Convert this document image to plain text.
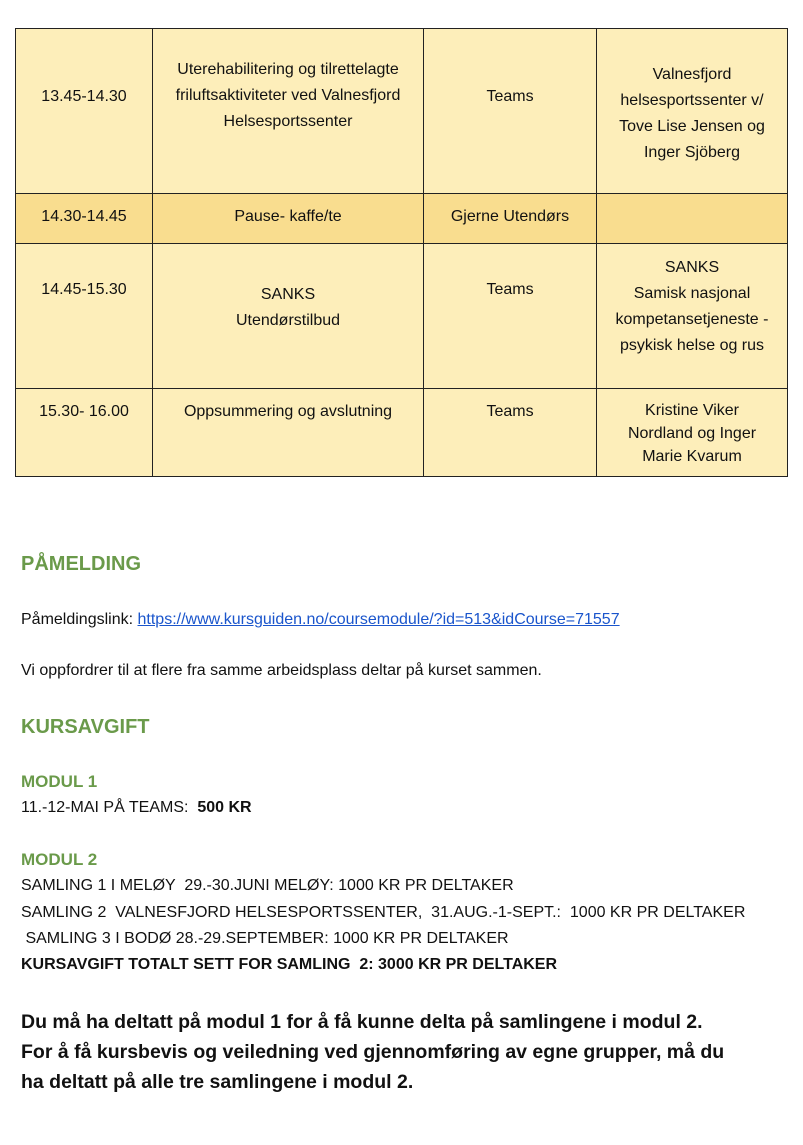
13.45-14.30	Uterehabilitering og tilrettelagte
friluftsaktiviteter ved Valnesfjord
Helsesportssenter	Teams	Valnesfjord
helsesportssenter v/
Tove Lise Jensen og
Inger Sjöberg

14.30-14.45	Pause- kaffe/te	Gjerne Utendørs	
14.45-15.30	SANKS
Utendørstilbud	Teams	SANKS
Samisk nasjonal
kompetansetjeneste -
psykisk helse og rus

15.30- 16.00	Oppsummering og avslutning	Teams	Kristine Viker
Nordland og Inger
Marie Kvarum
PÅMELDING
Påmeldingslink: https://www.kursguiden.no/coursemodule/?id=513&idCourse=71557
Vi oppfordrer til at flere fra samme arbeidsplass deltar på kurset sammen.
KURSAVGIFT
MODUL 1
11.-12-MAI PÅ TEAMS:  500 KR
MODUL 2
SAMLING 1 I MELØY  29.-30.JUNI MELØY: 1000 KR PR DELTAKER
SAMLING 2  VALNESFJORD HELSESPORTSSENTER,  31.AUG.-1-SEPT.:  1000 KR PR DELTAKER
SAMLING 3 I BODØ 28.-29.SEPTEMBER: 1000 KR PR DELTAKER
KURSAVGIFT TOTALT SETT FOR SAMLING  2: 3000 KR PR DELTAKER
Du må ha deltatt på modul 1 for å få kunne delta på samlingene i modul 2.
For å få kursbevis og veiledning ved gjennomføring av egne grupper, må du
ha deltatt på alle tre samlingene i modul 2.
